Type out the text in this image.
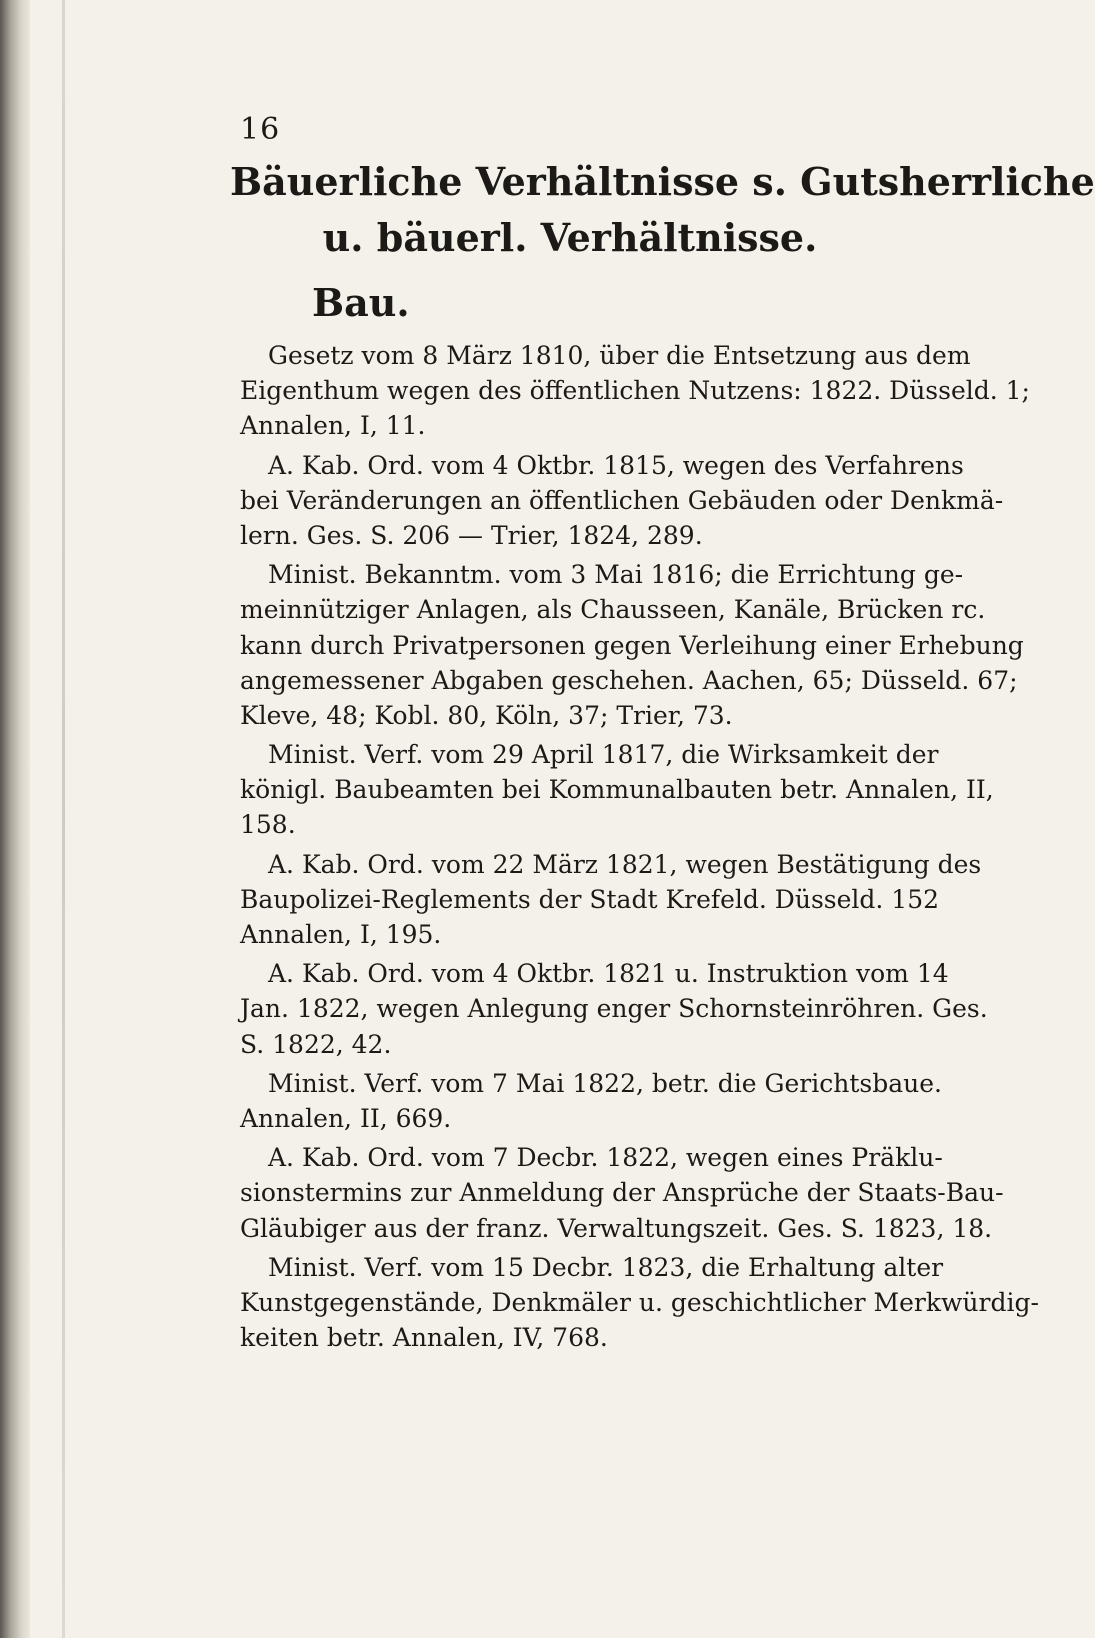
16
Bäuerliche Verhältnisse s. Gutsherrliche
u. bäuerl. Verhältnisse.
Bau.
Gesetz vom 8 März 1810, über die Entsetzung aus dem
Eigenthum wegen des öffentlichen Nutzens: 1822. Düsseld. 1;
Annalen, I, 11.
A. Kab. Ord. vom 4 Oktbr. 1815, wegen des Verfahrens
bei Veränderungen an öffentlichen Gebäuden oder Denkmä-
lern. Ges. S. 206 — Trier, 1824, 289.
Minist. Bekanntm. vom 3 Mai 1816; die Errichtung ge-
meinnütziger Anlagen, als Chausseen, Kanäle, Brücken rc.
kann durch Privatpersonen gegen Verleihung einer Erhebung
angemessener Abgaben geschehen. Aachen, 65; Düsseld. 67;
Kleve, 48; Kobl. 80, Köln, 37; Trier, 73.
Minist. Verf. vom 29 April 1817, die Wirksamkeit der
königl. Baubeamten bei Kommunalbauten betr. Annalen, II,
158.
A. Kab. Ord. vom 22 März 1821, wegen Bestätigung des
Baupolizei-Reglements der Stadt Krefeld. Düsseld. 152
Annalen, I, 195.
A. Kab. Ord. vom 4 Oktbr. 1821 u. Instruktion vom 14
Jan. 1822, wegen Anlegung enger Schornsteinröhren. Ges.
S. 1822, 42.
Minist. Verf. vom 7 Mai 1822, betr. die Gerichtsbaue.
Annalen, II, 669.
A. Kab. Ord. vom 7 Decbr. 1822, wegen eines Präklu-
sionstermins zur Anmeldung der Ansprüche der Staats-Bau-
Gläubiger aus der franz. Verwaltungszeit. Ges. S. 1823, 18.
Minist. Verf. vom 15 Decbr. 1823, die Erhaltung alter
Kunstgegenstände, Denkmäler u. geschichtlicher Merkwürdig-
keiten betr. Annalen, IV, 768.
